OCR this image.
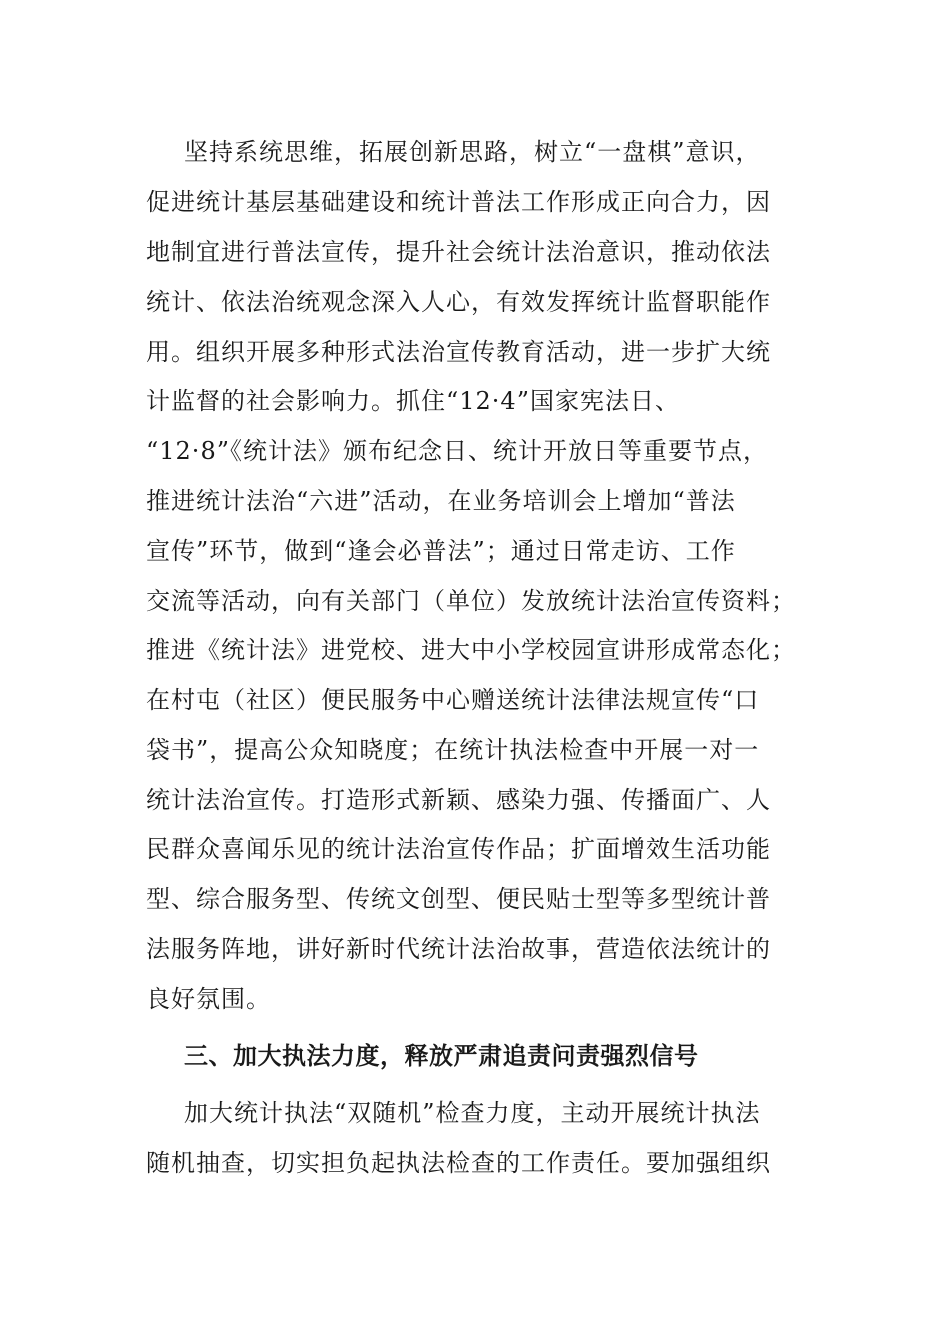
坚持系统思维，拓展创新思路，树立“一盘棋”意识，
促进统计基层基础建设和统计普法工作形成正向合力，因
地制宜进行普法宣传，提升社会统计法治意识，推动依法
统计、依法治统观念深入人心，有效发挥统计监督职能作
用。组织开展多种形式法治宣传教育活动，进一步扩大统
计监督的社会影响力。抓住“12·4”国家宪法日、
“12·8”《统计法》颁布纪念日、统计开放日等重要节点，
推进统计法治“六进”活动，在业务培训会上增加“普法
宣传”环节，做到“逢会必普法”；通过日常走访、工作
交流等活动，向有关部门（单位）发放统计法治宣传资料；
推进《统计法》进党校、进大中小学校园宣讲形成常态化；
在村屯（社区）便民服务中心赠送统计法律法规宣传“口
袋书”，提高公众知晓度；在统计执法检查中开展一对一
统计法治宣传。打造形式新颖、感染力强、传播面广、人
民群众喜闻乐见的统计法治宣传作品；扩面增效生活功能
型、综合服务型、传统文创型、便民贴士型等多型统计普
法服务阵地，讲好新时代统计法治故事，营造依法统计的
良好氛围。
三、加大执法力度，释放严肃追责问责强烈信号
加大统计执法“双随机”检查力度，主动开展统计执法
随机抽查，切实担负起执法检查的工作责任。要加强组织
